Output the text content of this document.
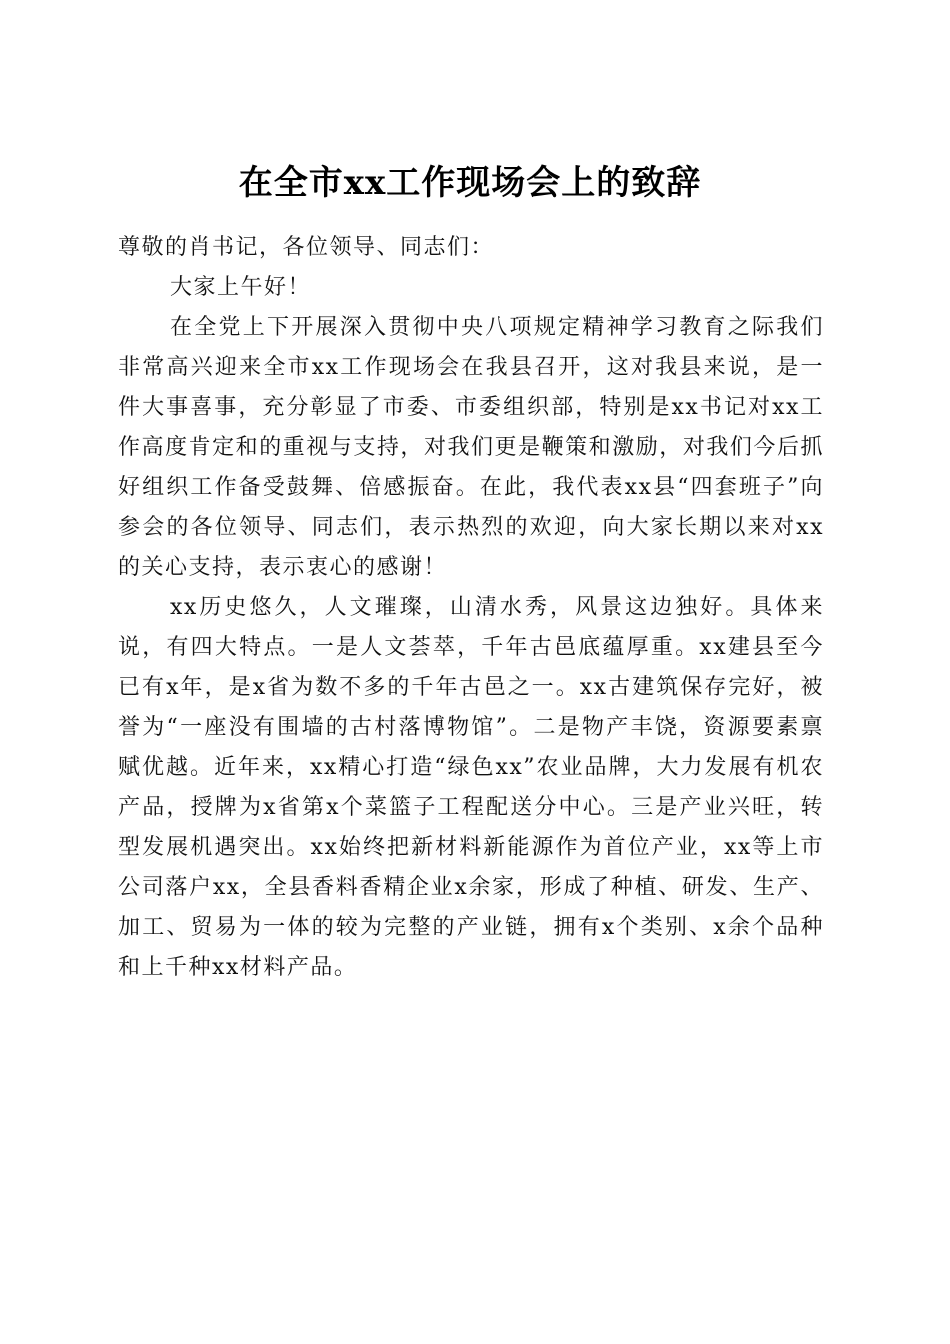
在全市xx工作现场会上的致辞

尊敬的肖书记，各位领导、同志们：

大家上午好！

在全党上下开展深入贯彻中央八项规定精神学习教育之际我们非常高兴迎来全市xx工作现场会在我县召开，这对我县来说，是一件大事喜事，充分彰显了市委、市委组织部，特别是xx书记对xx工作高度肯定和的重视与支持，对我们更是鞭策和激励，对我们今后抓好组织工作备受鼓舞、倍感振奋。在此，我代表xx县“四套班子”向参会的各位领导、同志们，表示热烈的欢迎，向大家长期以来对xx的关心支持，表示衷心的感谢！

xx历史悠久，人文璀璨，山清水秀，风景这边独好。具体来说，有四大特点。一是人文荟萃，千年古邑底蕴厚重。xx建县至今已有x年，是x省为数不多的千年古邑之一。xx古建筑保存完好，被誉为“一座没有围墙的古村落博物馆”。二是物产丰饶，资源要素禀赋优越。近年来，xx精心打造“绿色xx”农业品牌，大力发展有机农产品，授牌为x省第x个菜篮子工程配送分中心。三是产业兴旺，转型发展机遇突出。xx始终把新材料新能源作为首位产业，xx等上市公司落户xx，全县香料香精企业x余家，形成了种植、研发、生产、加工、贸易为一体的较为完整的产业链，拥有x个类别、x余个品种和上千种xx材料产品。
